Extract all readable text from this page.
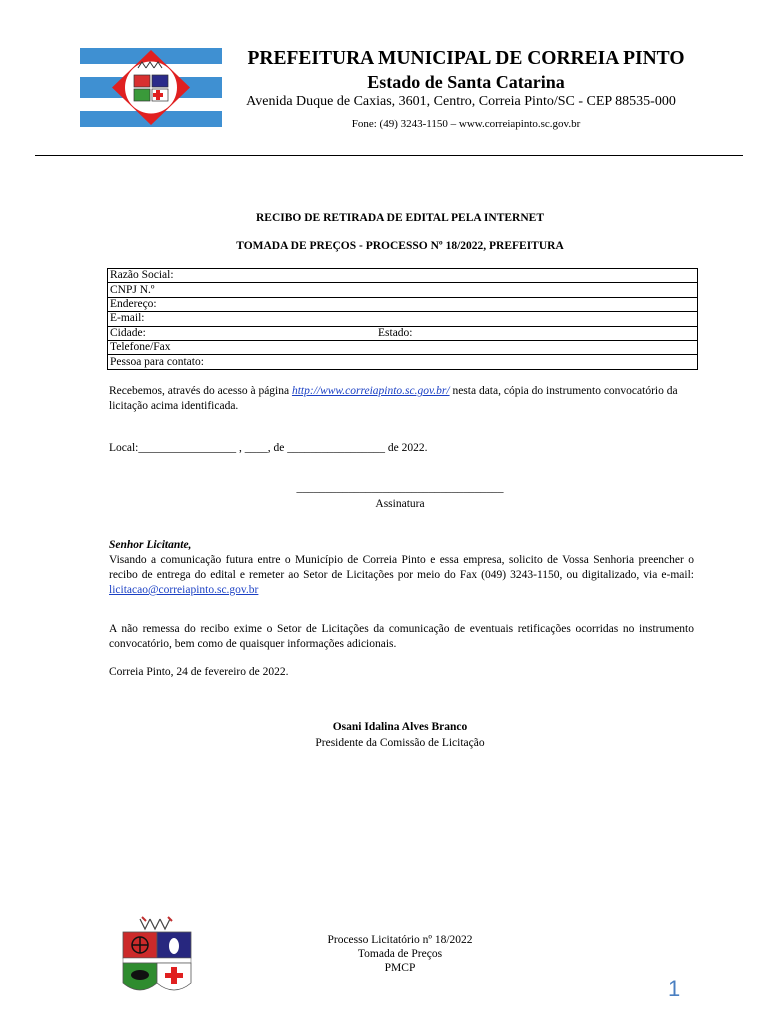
PREFEITURA MUNICIPAL DE CORREIA PINTO
Estado de Santa Catarina
Avenida Duque de Caxias, 3601, Centro, Correia Pinto/SC - CEP 88535-000
Fone: (49) 3243-1150 – www.correiapinto.sc.gov.br
RECIBO DE RETIRADA DE EDITAL PELA INTERNET
TOMADA DE PREÇOS - PROCESSO Nº 18/2022, PREFEITURA
Razão Social:
CNPJ N.º
Endereço:
E-mail:
Cidade:	Estado:

Telefone/Fax
Pessoa para contato:
Recebemos, através do acesso à página http://www.correiapinto.sc.gov.br/ nesta data, cópia do instrumento convocatório da licitação acima identificada.
Local:_________________ , ____, de _________________ de 2022.
____________________________________
Assinatura
Senhor Licitante,
Visando a comunicação futura entre o Município de Correia Pinto e essa empresa, solicito de Vossa Senhoria preencher o recibo de entrega do edital e remeter ao Setor de Licitações por meio do Fax (049) 3243-1150, ou digitalizado, via e-mail: licitacao@correiapinto.sc.gov.br
A não remessa do recibo exime o Setor de Licitações da comunicação de eventuais retificações ocorridas no instrumento convocatório, bem como de quaisquer informações adicionais.
Correia Pinto, 24 de fevereiro de 2022.
Osani Idalina Alves Branco
Presidente da Comissão de Licitação
Processo Licitatório nº 18/2022
Tomada de Preços
PMCP
1
